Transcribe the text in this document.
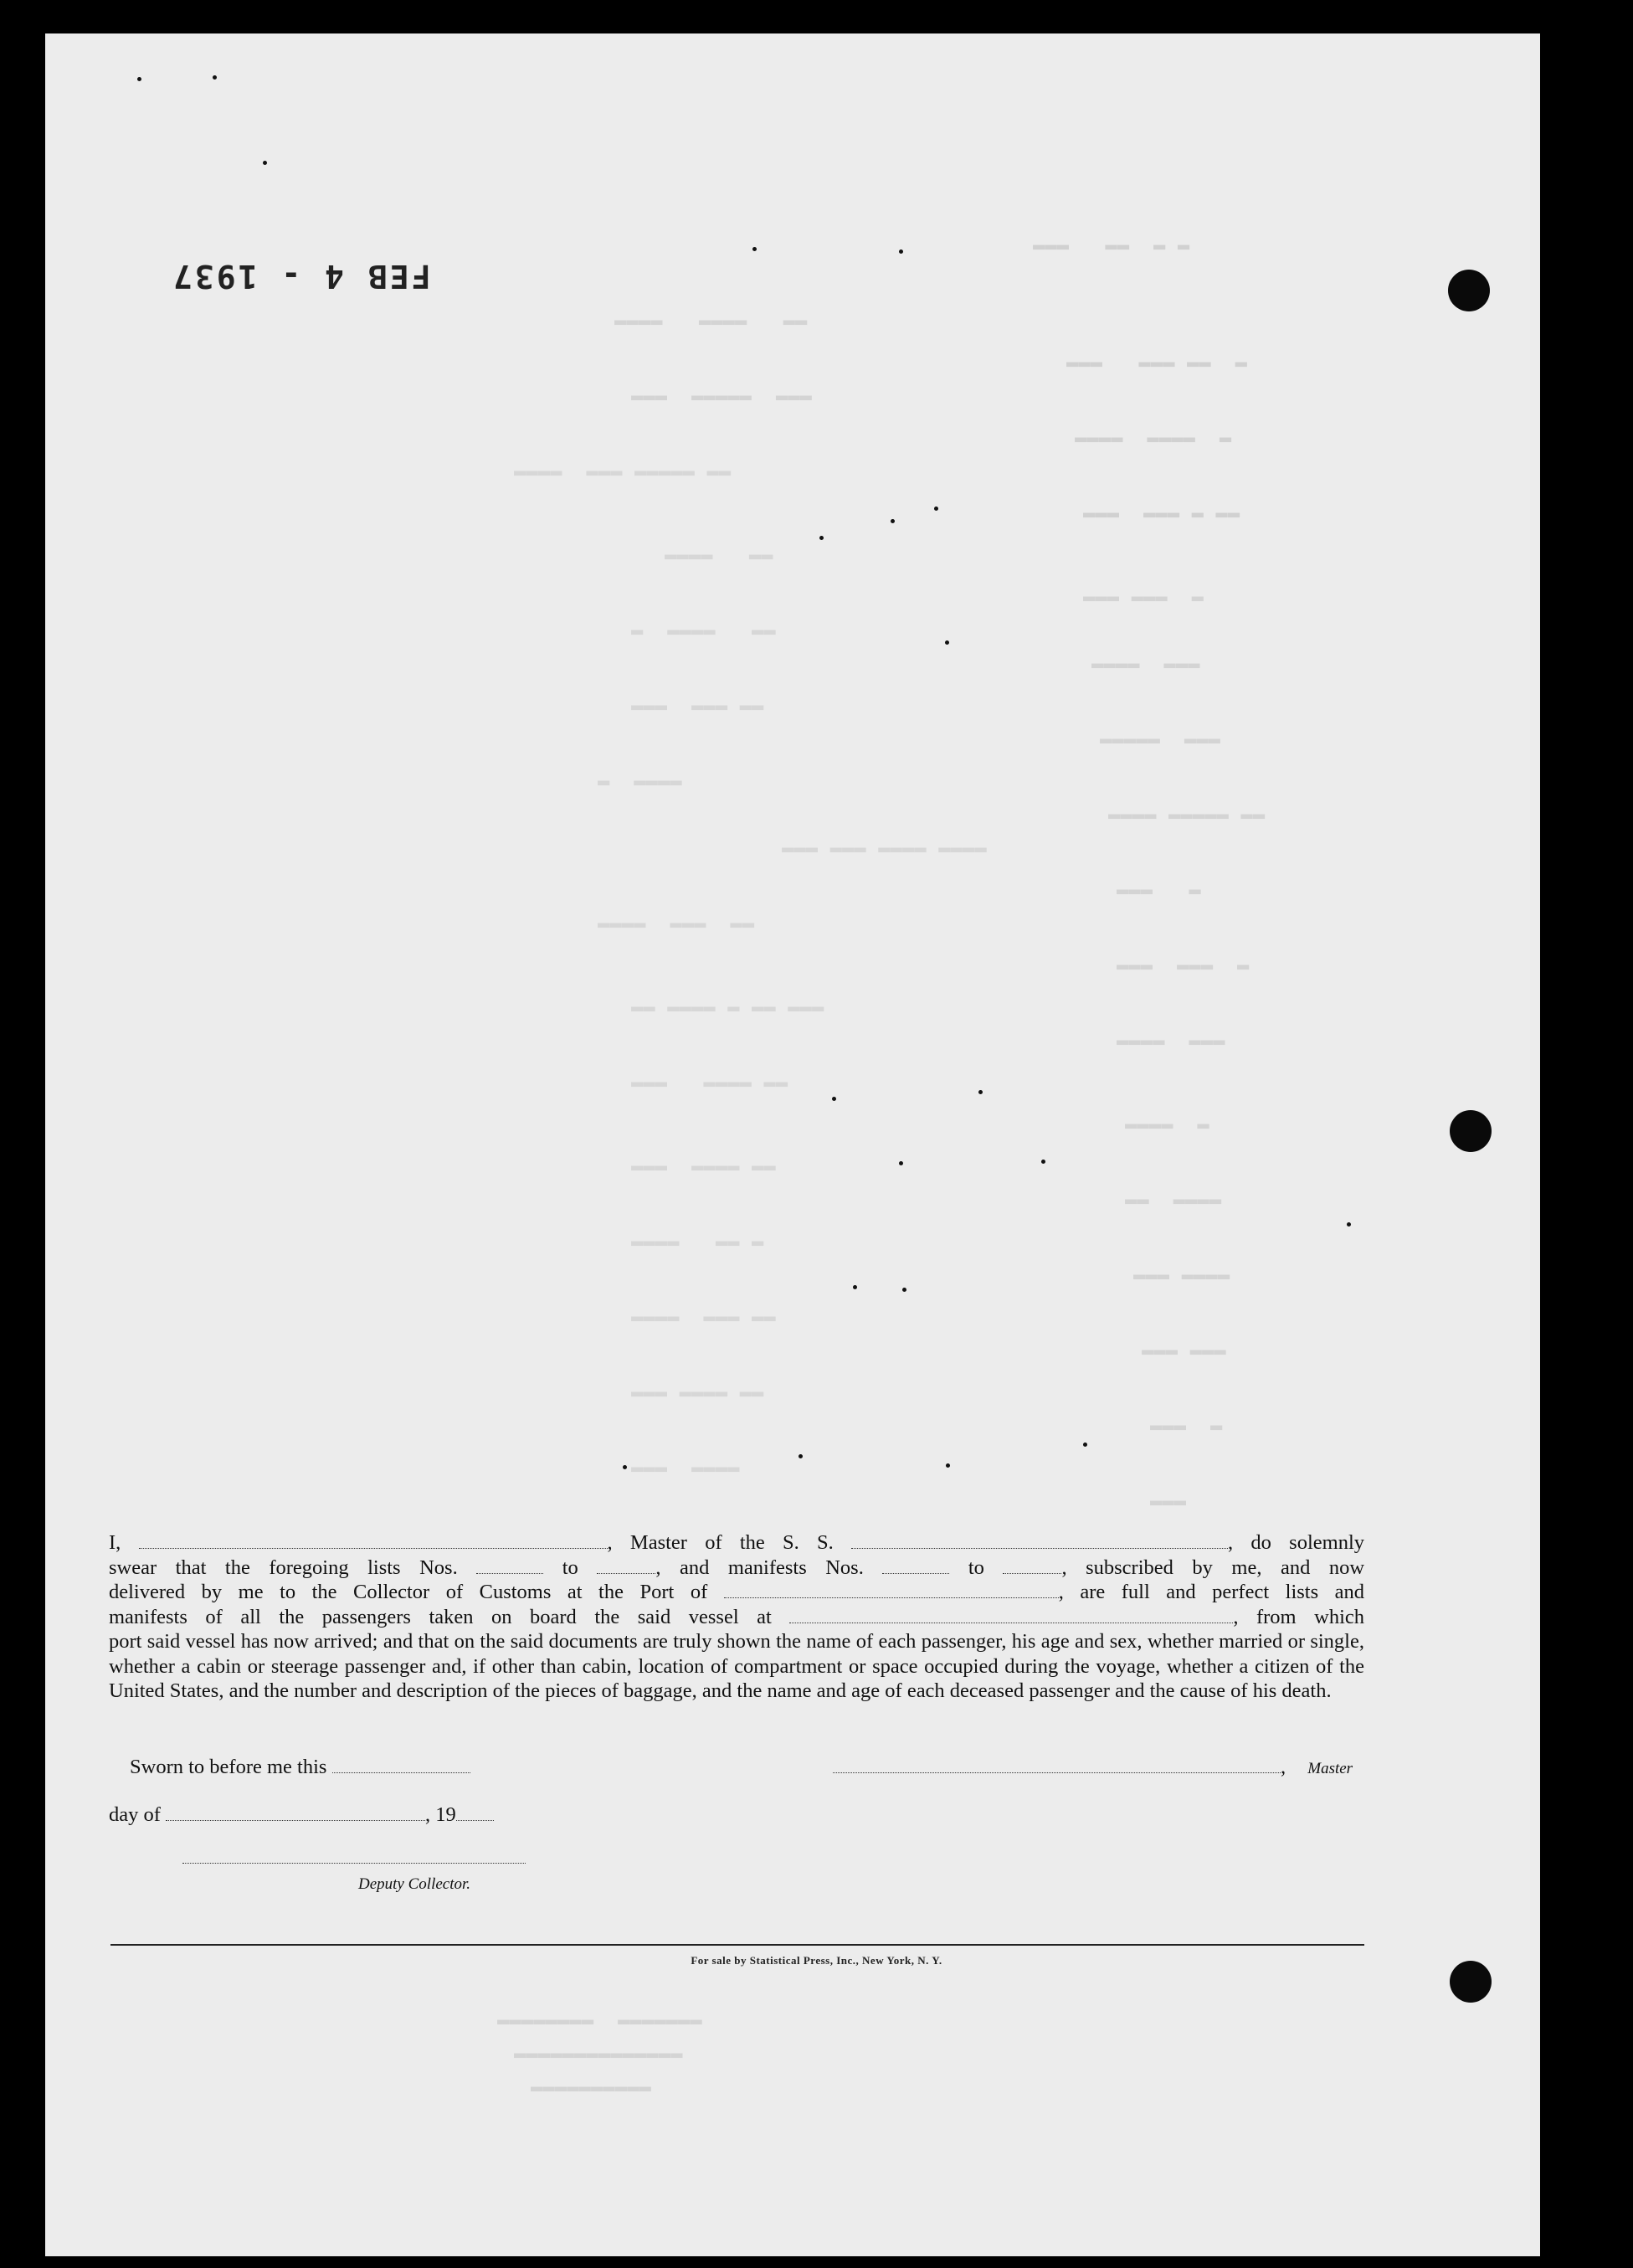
FEB 4 - 1937
▬▬▬   ▬▬  ▬ ▬
▬▬▬▬   ▬▬▬▬   ▬▬
▬▬▬   ▬▬▬ ▬▬  ▬
▬▬▬  ▬▬▬▬▬  ▬▬▬
▬▬▬▬  ▬▬▬▬  ▬
▬▬▬▬  ▬▬▬ ▬▬▬▬▬ ▬▬
▬▬▬  ▬▬▬ ▬ ▬▬
▬▬▬▬   ▬▬
▬▬▬ ▬▬▬  ▬
▬  ▬▬▬▬   ▬▬
▬▬▬▬  ▬▬▬
▬▬▬  ▬▬▬ ▬▬
▬▬▬▬▬  ▬▬▬
▬  ▬▬▬▬
▬▬▬▬ ▬▬▬▬▬ ▬▬
▬▬▬ ▬▬▬ ▬▬▬▬ ▬▬▬▬
▬▬▬   ▬
▬▬▬▬  ▬▬▬  ▬▬
▬▬▬  ▬▬▬  ▬
▬▬ ▬▬▬▬ ▬ ▬▬ ▬▬▬
▬▬▬▬  ▬▬▬
▬▬▬   ▬▬▬▬ ▬▬
▬▬▬▬  ▬
▬▬▬  ▬▬▬▬ ▬▬
▬▬  ▬▬▬▬
▬▬▬▬   ▬▬ ▬
▬▬▬ ▬▬▬▬
▬▬▬▬  ▬▬▬ ▬▬
▬▬▬ ▬▬▬
▬▬▬ ▬▬▬▬ ▬▬
▬▬▬  ▬
▬▬▬  ▬▬▬▬
▬▬▬
▬▬▬▬▬▬▬▬  ▬▬▬▬▬▬▬
▬▬▬▬▬▬▬▬▬▬▬▬▬▬
▬▬▬▬▬▬▬▬▬▬
I,	, Master of the S. S.	, do solemnly
swear that the foregoing lists Nos.	to	, and manifests Nos.	to	, subscribed by me, and now
delivered by me to the Collector of Customs at the Port of	, are full and perfect lists and
manifests of all the passengers taken on board the said vessel at	, from which
port said vessel has now arrived; and that on the said documents are truly shown the name of each passenger, his age and sex, whether married or single, whether a cabin or steerage passenger and, if other than cabin, location of compartment or space occupied during the voyage, whether a citizen of the United States, and the number and description of the pieces of baggage, and the name and age of each deceased passenger and the cause of his death.
Sworn to before me this	, Master
day of	, 19
Deputy Collector.
For sale by Statistical Press, Inc., New York, N. Y.
